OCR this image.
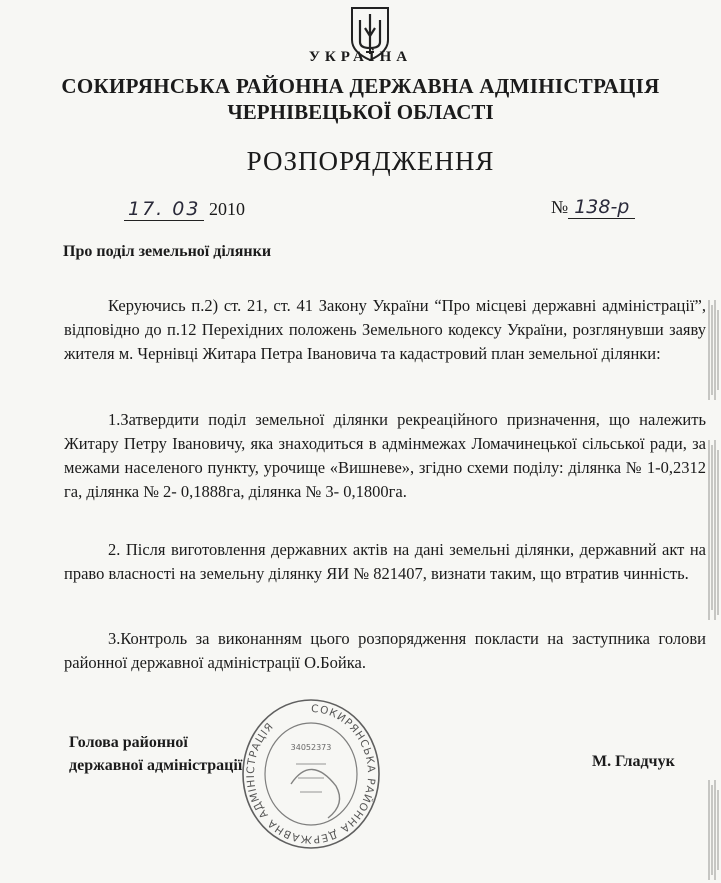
УКРАЇНА
СОКИРЯНСЬКА РАЙОННА ДЕРЖАВНА АДМІНІСТРАЦІЯ
ЧЕРНІВЕЦЬКОЇ ОБЛАСТІ
РОЗПОРЯДЖЕННЯ
17. 03 2010	№ 138-р
Про поділ земельної ділянки
Керуючись п.2) ст. 21, ст. 41 Закону України “Про місцеві державні адміністрації”, відповідно до п.12 Перехідних положень Земельного кодексу України, розглянувши заяву жителя м. Чернівці Житара Петра Івановича та кадастровий план земельної ділянки:
1.Затвердити поділ земельної ділянки рекреаційного призначення, що належить Житару Петру Івановичу, яка знаходиться в адмінмежах Ломачинецької сільської ради, за межами населеного пункту, урочище «Вишневе», згідно схеми поділу: ділянка № 1-0,2312 га, ділянка № 2- 0,1888га, ділянка № 3- 0,1800га.
2. Після виготовлення державних актів на дані земельні ділянки, державний акт на право власності на земельну ділянку ЯИ № 821407, визнати таким, що втратив чинність.
3.Контроль за виконанням цього розпорядження покласти на заступника голови районної державної адміністрації О.Бойка.
Голова районної
державної адміністрації	М. Гладчук
СОКИРЯНСЬКА РАЙОННА ДЕРЖАВНА АДМІНІСТРАЦІЯ
34052373
